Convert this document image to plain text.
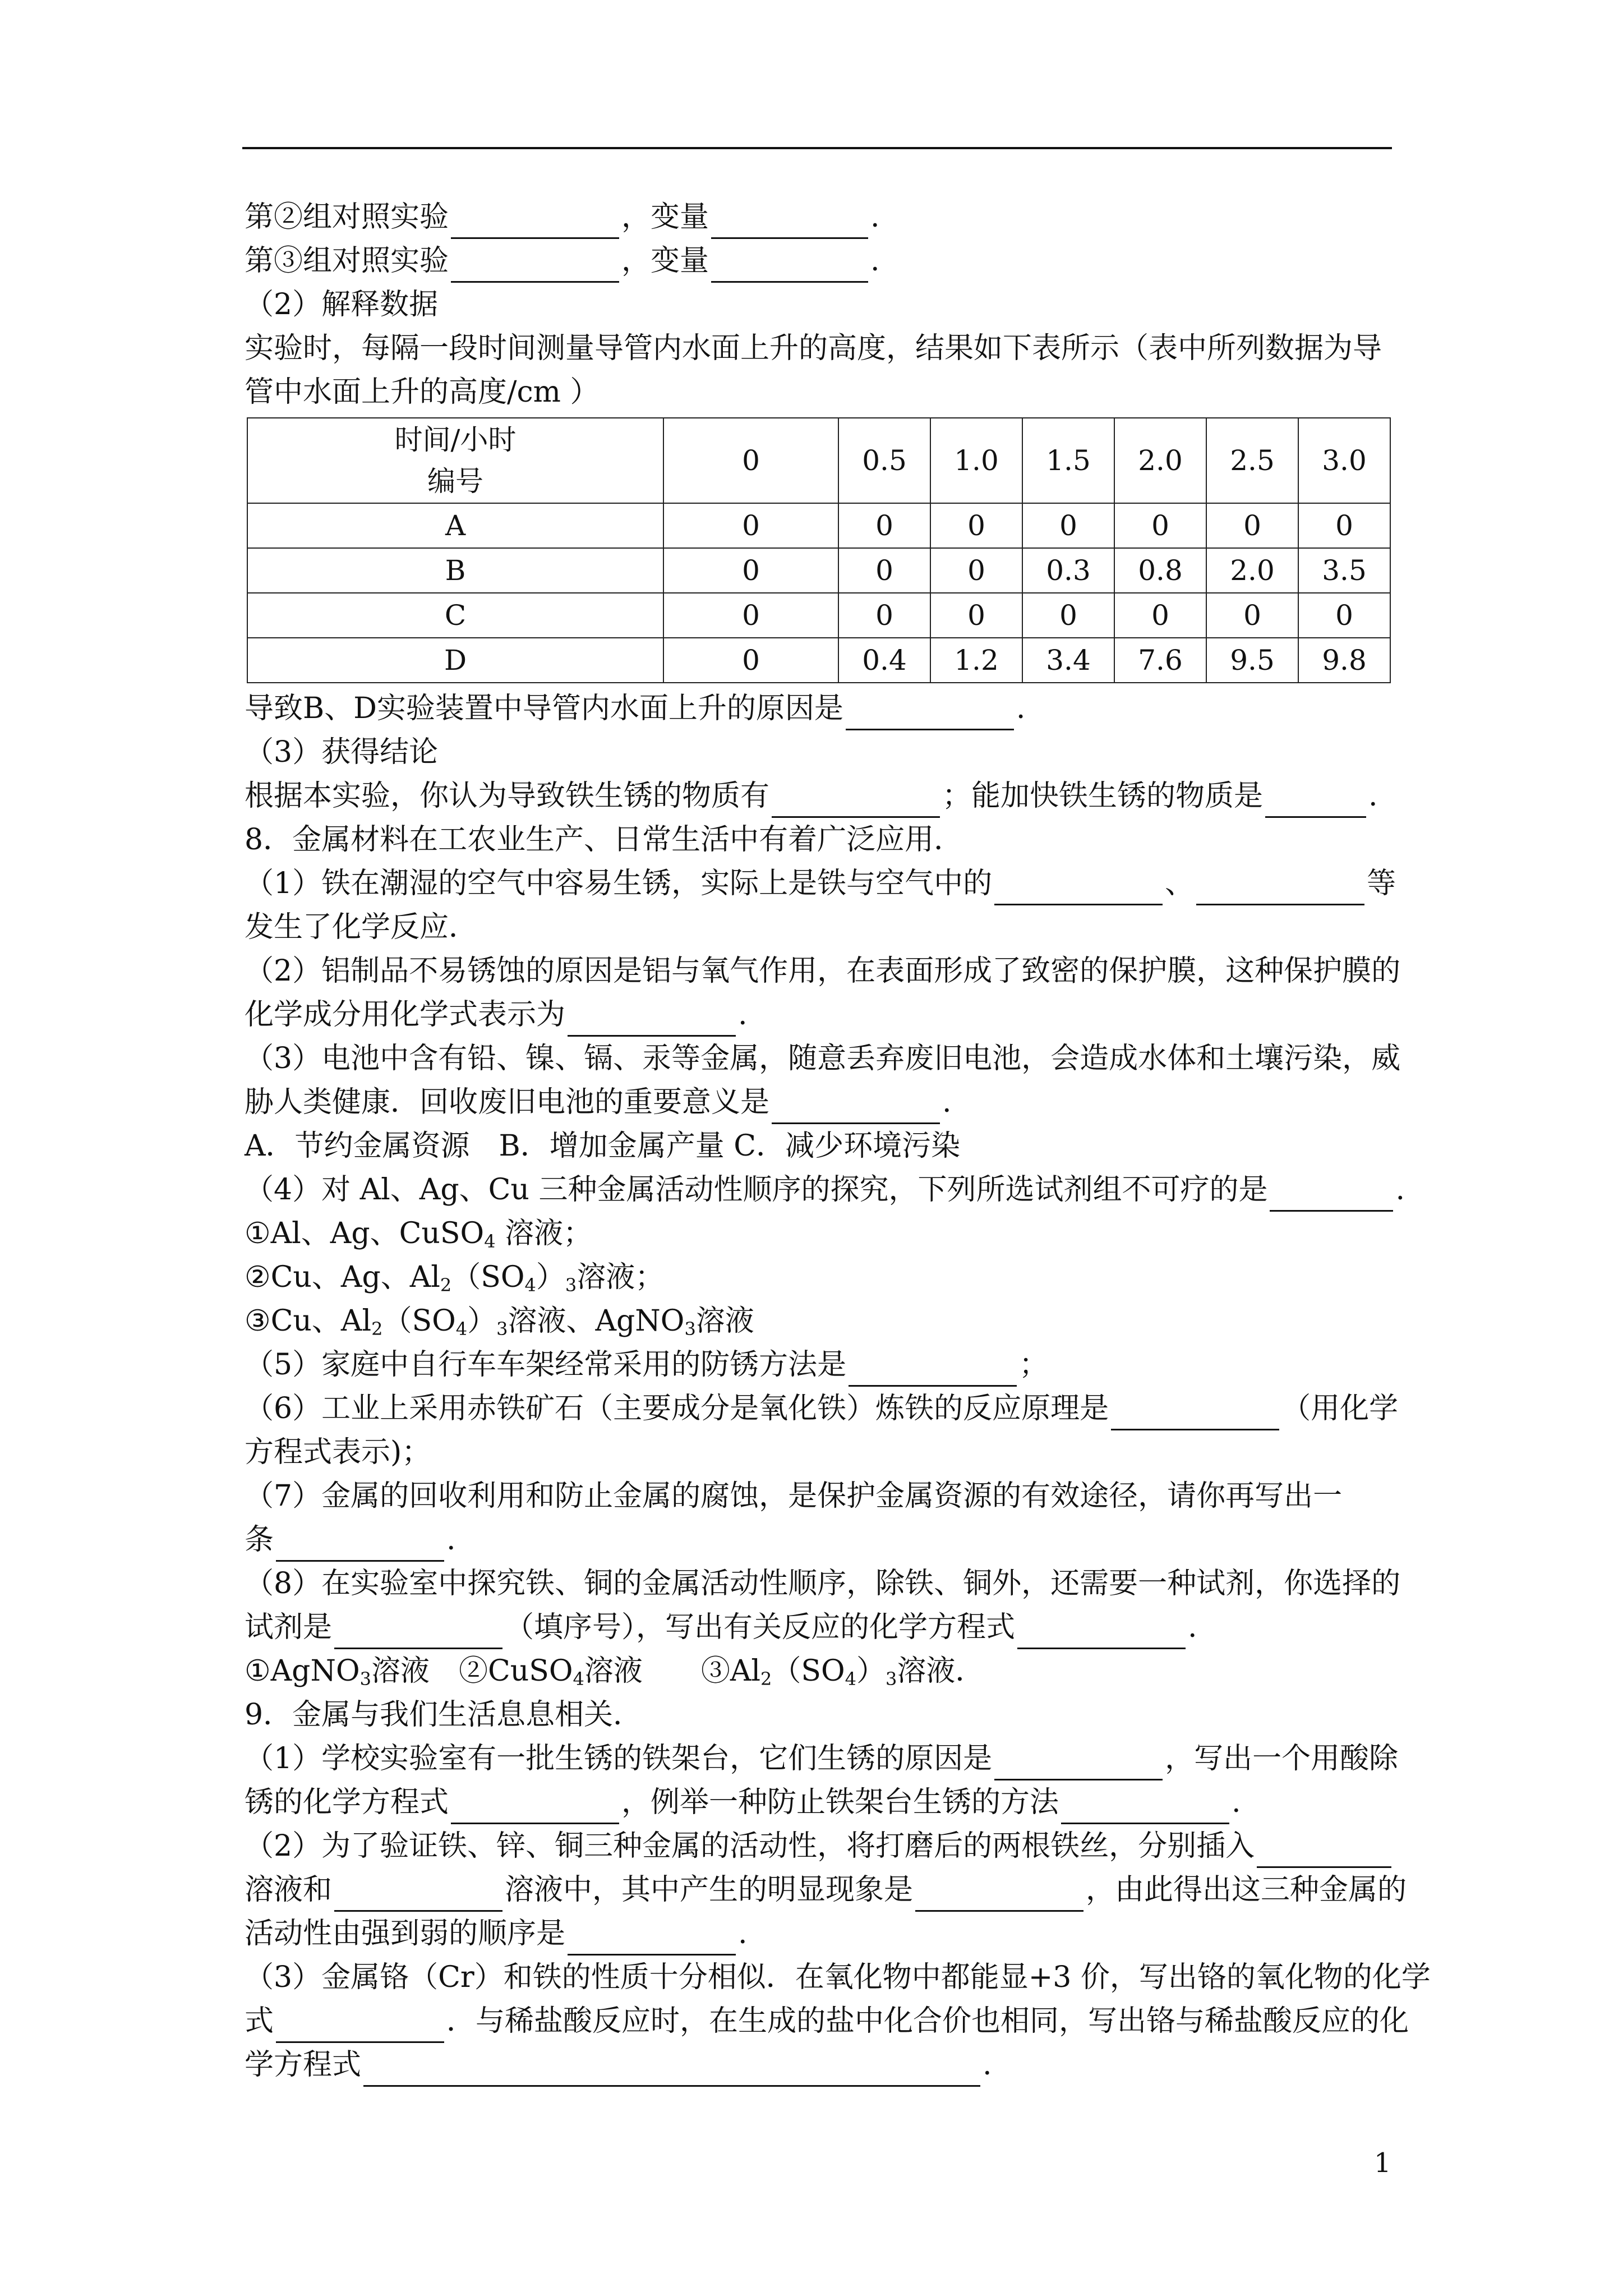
第②组对照实验	，变量	.
第③组对照实验	，变量	.
（2）解释数据
实验时，每隔一段时间测量导管内水面上升的高度，结果如下表所示（表中所列数据为导管中水面上升的高度/cm ）
时间/小时
编号	0	0.5	1.0	1.5	2.0	2.5	3.0
A	0	0	0	0	0	0	0
B	0	0	0	0.3	0.8	2.0	3.5
C	0	0	0	0	0	0	0
D	0	0.4	1.2	3.4	7.6	9.5	9.8
导致B、D实验装置中导管内水面上升的原因是	.
（3）获得结论
根据本实验，你认为导致铁生锈的物质有	；能加快铁生锈的物质是	.
8．金属材料在工农业生产、日常生活中有着广泛应用．
（1）铁在潮湿的空气中容易生锈，实际上是铁与空气中的	、	等
发生了化学反应．
（2）铝制品不易锈蚀的原因是铝与氧气作用，在表面形成了致密的保护膜，这种保护膜的
化学成分用化学式表示为	.
（3）电池中含有铅、镍、镉、汞等金属，随意丢弃废旧电池，会造成水体和土壤污染，威
胁人类健康．回收废旧电池的重要意义是	.
A．节约金属资源　B．增加金属产量 C．减少环境污染
（4）对 Al、Ag、Cu 三种金属活动性顺序的探究，下列所选试剂组不可疗的是	.
①Al、Ag、CuSO$_4$ 溶液；
②Cu、Ag、$Al_2(SO_4)_3$溶液；
③Cu、$Al_2(SO_4)_3$溶液、AgNO$_3$溶液
（5）家庭中自行车车架经常采用的防锈方法是	；
（6）工业上采用赤铁矿石（主要成分是氧化铁）炼铁的反应原理是	（用化学
方程式表示)；
（7）金属的回收利用和防止金属的腐蚀，是保护金属资源的有效途径，请你再写出一
条	.
（8）在实验室中探究铁、铜的金属活动性顺序，除铁、铜外，还需要一种试剂，你选择的
试剂是	（填序号），写出有关反应的化学方程式	.
①AgNO$_3$溶液　②CuSO$_4$溶液　　$③Al_2(SO_4)_3$溶液．
9．金属与我们生活息息相关．
（1）学校实验室有一批生锈的铁架台，它们生锈的原因是	，写出一个用酸除
锈的化学方程式	，例举一种防止铁架台生锈的方法	.
（2）为了验证铁、锌、铜三种金属的活动性，将打磨后的两根铁丝，分别插入
溶液和	溶液中，其中产生的明显现象是	，由此得出这三种金属的
活动性由强到弱的顺序是	.
（3）金属铬（Cr）和铁的性质十分相似．在氧化物中都能显+3 价，写出铬的氧化物的化学
式	．与稀盐酸反应时，在生成的盐中化合价也相同，写出铬与稀盐酸反应的化
学方程式	.
1
